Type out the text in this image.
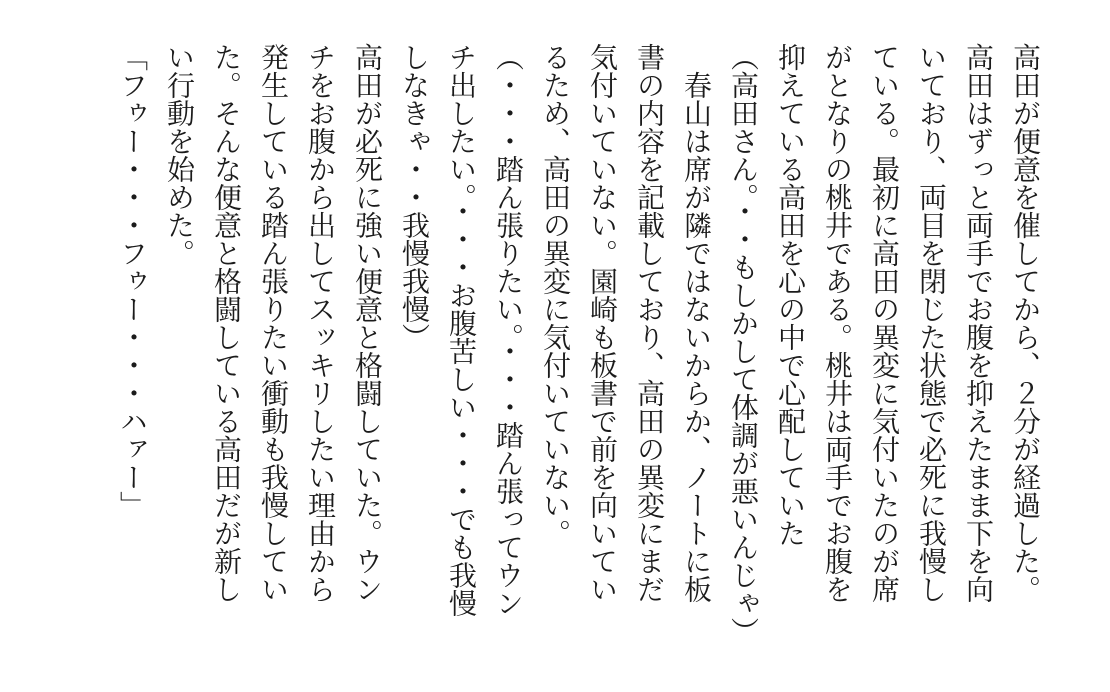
高田が便意を催してから、２分が経過した。

高田はずっと両手でお腹を抑えたまま下を向

いており、両目を閉じた状態で必死に我慢し

ている。最初に高田の異変に気付いたのが席

がとなりの桃井である。桃井は両手でお腹を

抑えている高田を心の中で心配していた

（高田さん。・・もしかして体調が悪いんじゃ）

　春山は席が隣ではないからか、ノートに板

書の内容を記載しており、高田の異変にまだ

気付いていない。園崎も板書で前を向いてい

るため、高田の異変に気付いていない。

（・・・踏ん張りたい。・・・踏ん張ってウン

チ出したい。・・・お腹苦しい・・・でも我慢

しなきゃ・・我慢我慢）

高田が必死に強い便意と格闘していた。ウン

チをお腹から出してスッキリしたい理由から

発生している踏ん張りたい衝動も我慢してい

た。そんな便意と格闘している高田だが新し

い行動を始めた。

「フゥー・・・フゥー・・・ハァー」
